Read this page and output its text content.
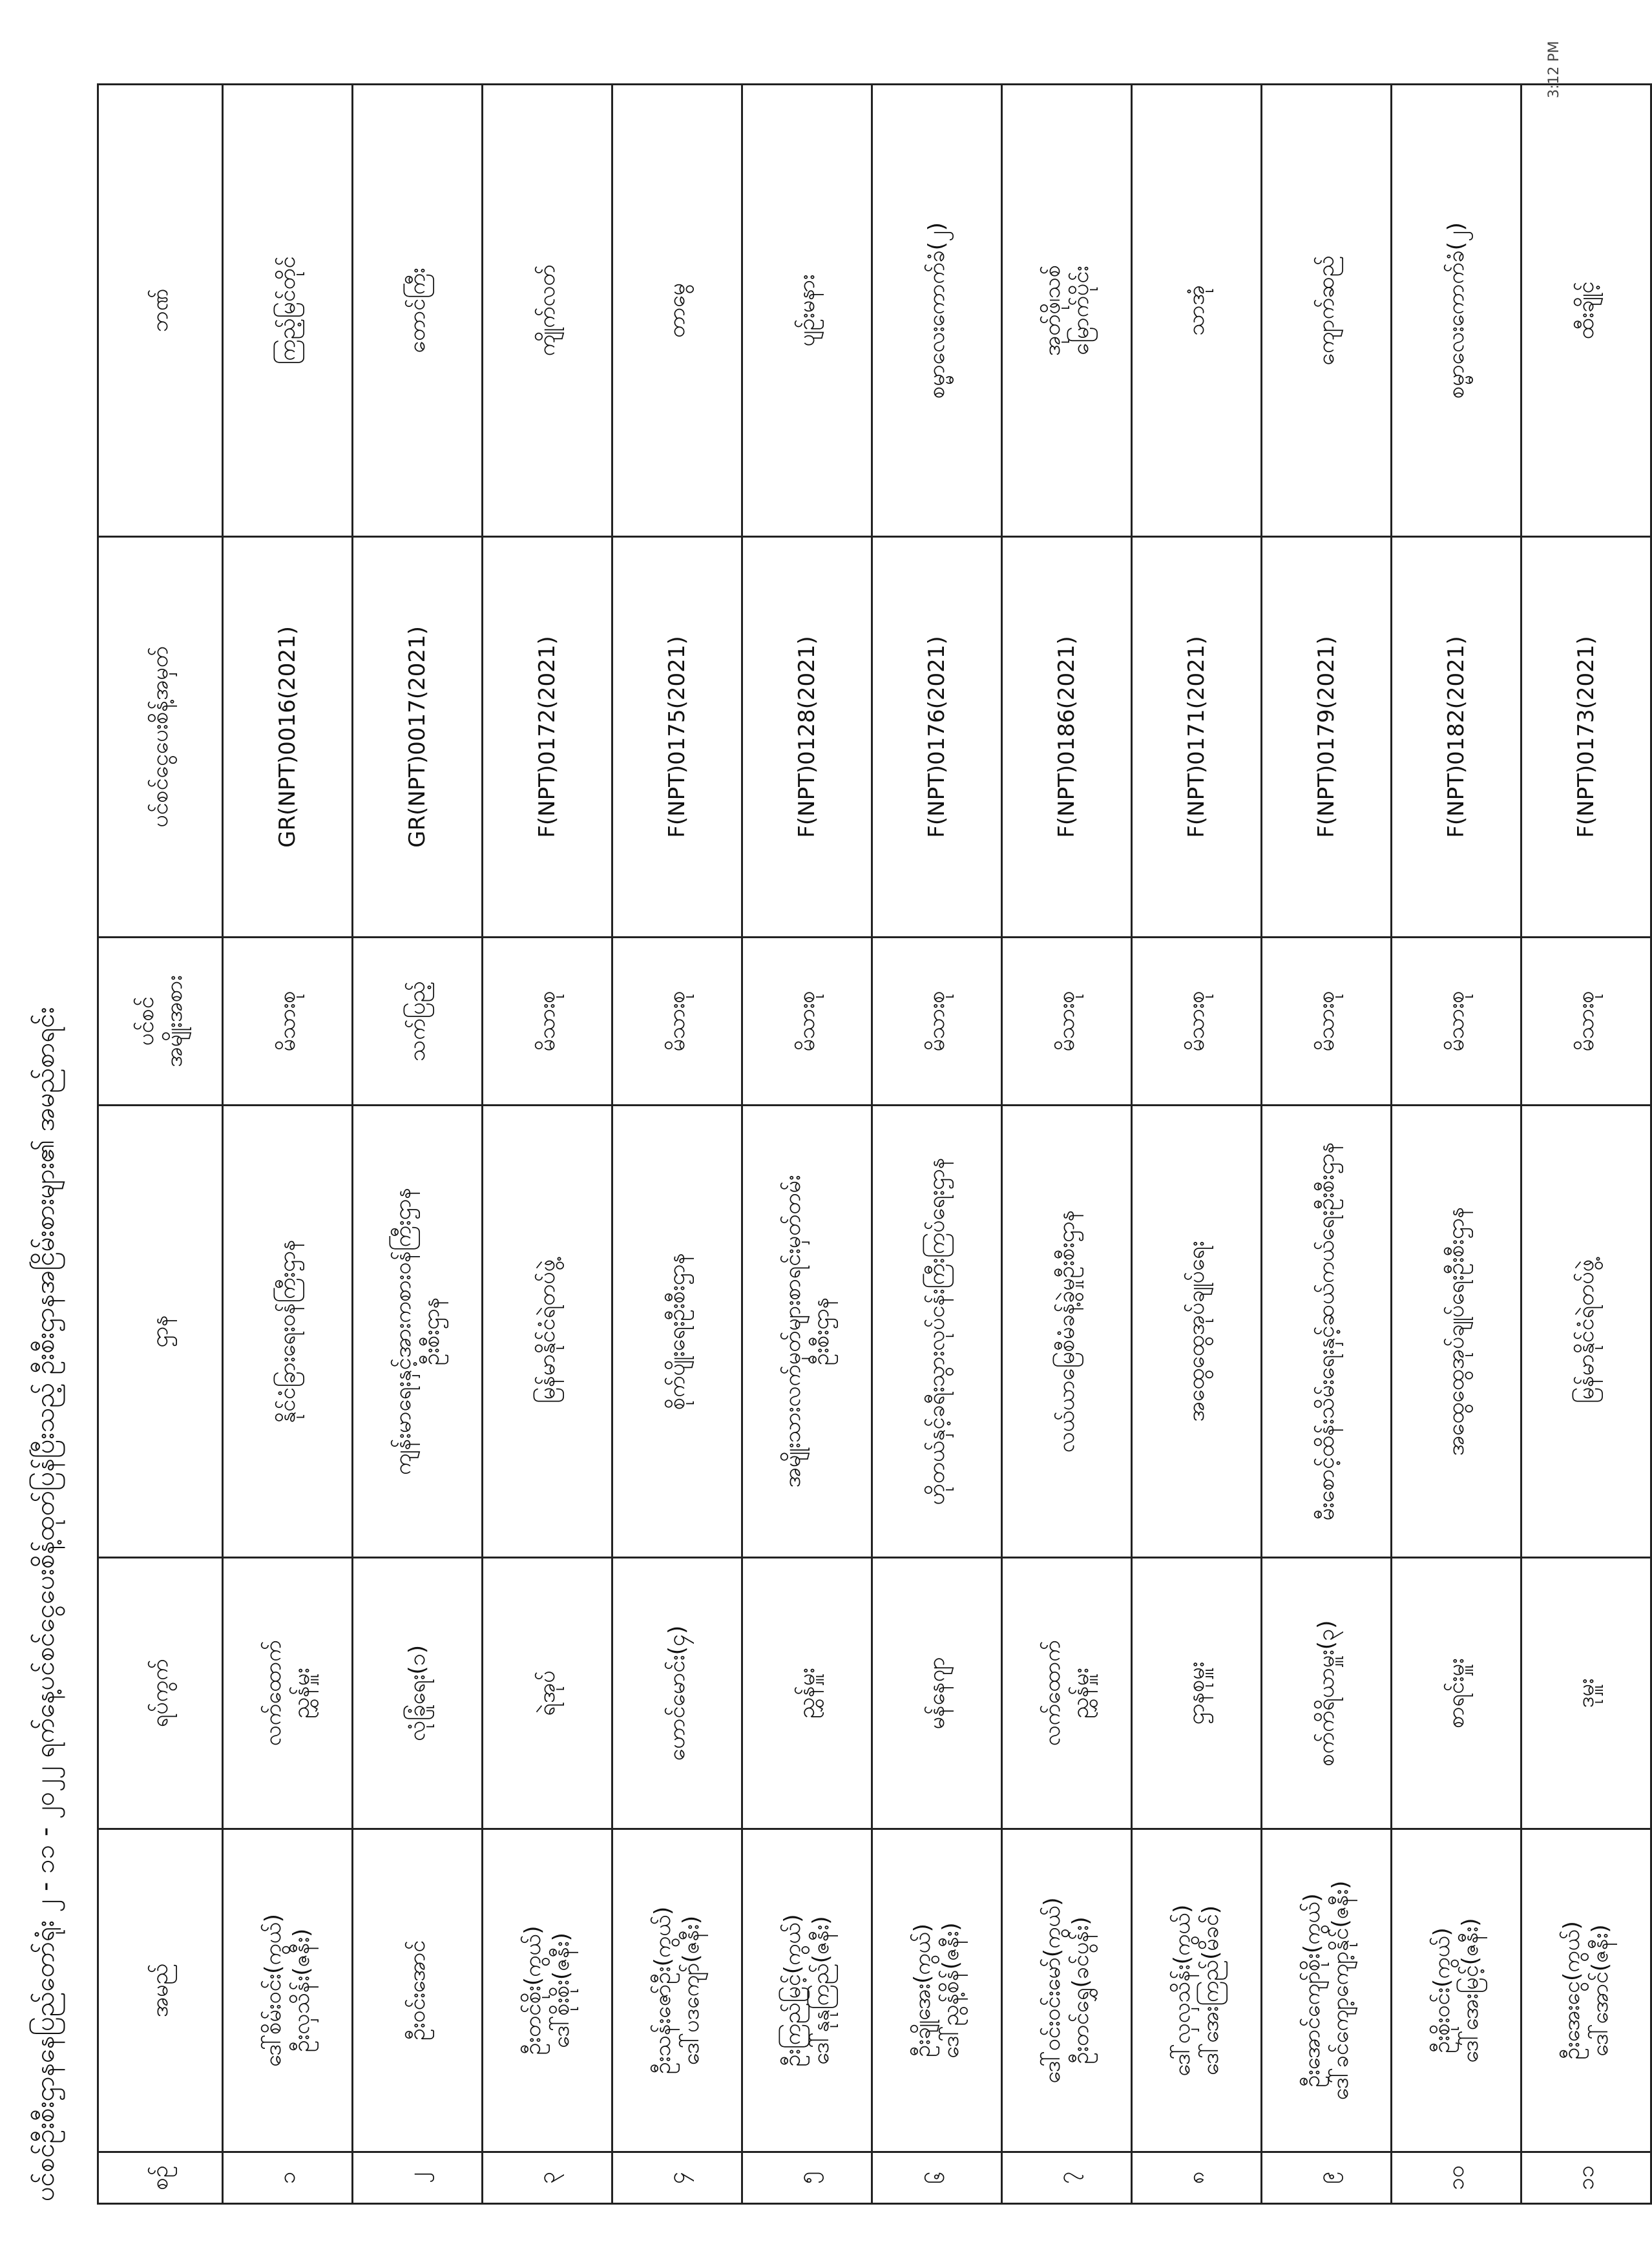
ပင်စင်ဦးစီးဌာနနေပြည်တော်ရုံး ၂ - ၁၁ - ၂၀၂၂ ရက်နေ့ပင်စင်ငွေပေးစိန့်ထုတ်ပြန်ပြီးသည့် ဦးစီးဌာနအငြိမ်းစားများ၏ အမည်စာရင်း	စဉ်	အမည်	ရပ်ကွက်	ဌာန	ပင်စင် အမျိုးအစား	ပင်စင်ငွေပေးစိန့်အမှတ်	ဘဏ်
၁	ဒေါ်စိမ်းဝင်း(ကွယ်) ဦးလှသိန်း(ဇနီး)	လက်ထောက် ညွှန်မှူး	နိုင်ငံခြားရေးဝန်ကြီးဌာန	မိသားစု	GR(NPT)0016(2021)	ကြည့်မြင်တိုင်

၂	ဦးဝင်းအောင်	လုံခြုံရေး(၁)	ကျန်းမာရေးနှင့်အားကစားဝန်ကြီးဌာန ဦးစီးဌာန	သက်ပြည့်	GR(NPT)0017(2021)	တောင်ကြီး

၃	ဦးတင်စိုး(ကွယ်) ဒေါ်စိုးစိုး(ဇနီး)	ရဲအုပ်	မြန်မာနိုင်ငံရဲတပ်ဖွဲ့	မိသားစု	F(NPT)0172(2021)	ကျိုက်လတ်

၄	ဦးသန်းဇော်ဦး(ကွယ်) ဒေါ်ပဒကျော်(ဇနီး)	ဟောင်မောင်း(၄)	စိုက်ပျိုးရေးဦးစီးဌာန	မိသားစု	F(NPT)0175(2021)	တာမွေ

၅	ဦးကြည်မြင့်(ကွယ်) ဒေါ်နုနုကြည်(ဇနီး)	ညွှန်မှူး	အမျိုးသားလက်မှတ်များစာရင်းမှတ်တမ်း ဦးစီးဌာန	မိသားစု	F(NPT)0128(2021)	ပျဉ်းမနား

၆	ဦးချိုအေး(ကွယ်) ဒေါ်ညွန့်စိန်(ဇနီး)	မန်နေဂျာ	ဟိုတယ်နှင့်ခရီးသွားလုပ်ငန်းကြီးကြပ်ရေးဌာန	မိသားစု	F(NPT)0176(2021)	စမ္မာလေးကောက်ခံ(၂)

၇	ဒေါ်ဝင်းဝင်းမော်(ကွယ်) ဦးတင်ရွှေ(ခင်ပွန်း)	လက်ထောက် ညွှန်မှူး	လယ်ယာမြေစီမံခန့်ခွဲမှုဦးစီးဌာန	မိသားစု	F(NPT)0186(2021)	အုတ်ဖို၊သစ် မြောက်ပိုင်း

၈	ဒေါ်လှလှသိန်း(ကွယ်) ဒေါ်အေးကြည်(မိခင်)	ဌာနစုမှူး	အထွေထွေအုပ်ချုပ်ရေး	မိသားစု	F(NPT)0171(2021)	သာအုံ

၉	ဦးအောင်ကျော်စိုး(ကွယ်) ဒေါ်ခင်ကျော့ကျော့နိုင်(ဇနီး)	စက်ကိရိယာမှူး(၃)	မီးစောင့်ထိန်းသိမ်းရေးနှင့်ဆယ်ကယ်ရေးဦးစီးဌာန	မိသားစု	F(NPT)0179(2021)	ကျောက်ဆည်

၁၀	ဦးစိုးဝင်း(ကွယ်) ဒေါ်အေးမြင့်(ဇနီး)	စာရင်းမှူး	အထွေထွေအုပ်ချုပ်ရေးဦးစီးဌာန	မိသားစု	F(NPT)0182(2021)	စမ္မာလေးကောက်ခံ(၂)

၁၁	ဦးအေးငွေ(ကွယ်) ဒေါ်အောင်(ဇနီး)	ဒုမှူး	မြန်မာနိုင်ငံရဲတပ်ဖွဲ့	မိသားစု	F(NPT)0173(2021)	ထီးချိုင့်
3:12 PM
